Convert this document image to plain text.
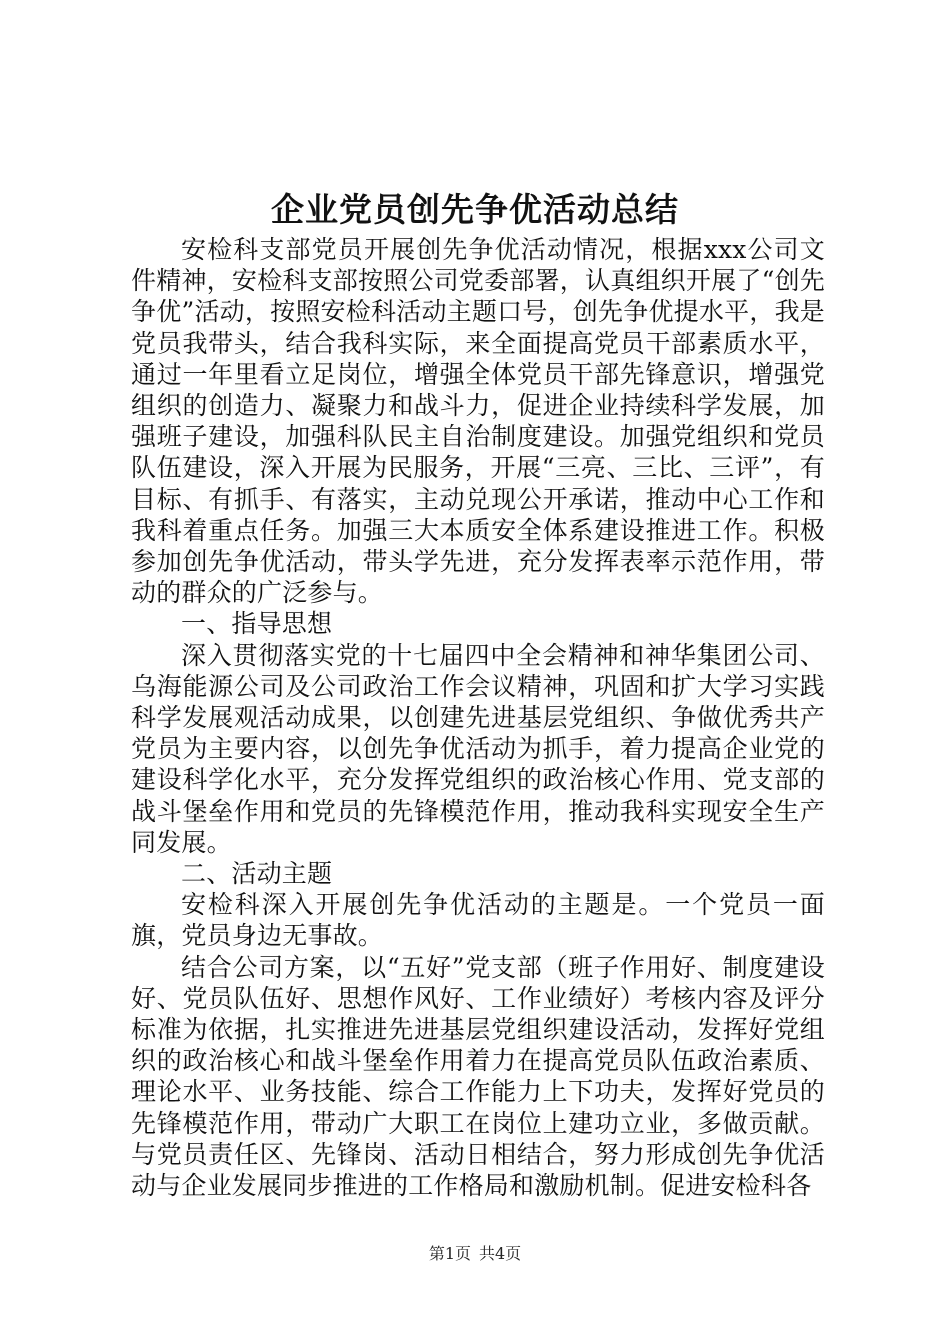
企业党员创先争优活动总结

安检科支部党员开展创先争优活动情况，根据xxx公司文件精神，安检科支部按照公司党委部署，认真组织开展了“创先争优”活动，按照安检科活动主题口号，创先争优提水平，我是党员我带头，结合我科实际，来全面提高党员干部素质水平，通过一年里看立足岗位，增强全体党员干部先锋意识，增强党组织的创造力、凝聚力和战斗力，促进企业持续科学发展，加强班子建设，加强科队民主自治制度建设。加强党组织和党员队伍建设，深入开展为民服务，开展“三亮、三比、三评”，有目标、有抓手、有落实，主动兑现公开承诺，推动中心工作和我科着重点任务。加强三大本质安全体系建设推进工作。积极参加创先争优活动，带头学先进，充分发挥表率示范作用，带动的群众的广泛参与。

一、指导思想

深入贯彻落实党的十七届四中全会精神和神华集团公司、乌海能源公司及公司政治工作会议精神，巩固和扩大学习实践科学发展观活动成果，以创建先进基层党组织、争做优秀共产党员为主要内容，以创先争优活动为抓手，着力提高企业党的建设科学化水平，充分发挥党组织的政治核心作用、党支部的战斗堡垒作用和党员的先锋模范作用，推动我科实现安全生产同发展。

二、活动主题

安检科深入开展创先争优活动的主题是。一个党员一面旗，党员身边无事故。

结合公司方案，以“五好”党支部（班子作用好、制度建设好、党员队伍好、思想作风好、工作业绩好）考核内容及评分标准为依据，扎实推进先进基层党组织建设活动，发挥好党组织的政治核心和战斗堡垒作用着力在提高党员队伍政治素质、理论水平、业务技能、综合工作能力上下功夫，发挥好党员的先锋模范作用，带动广大职工在岗位上建功立业，多做贡献。与党员责任区、先锋岗、活动日相结合，努力形成创先争优活动与企业发展同步推进的工作格局和激励机制。促进安检科各

第1页 共4页
